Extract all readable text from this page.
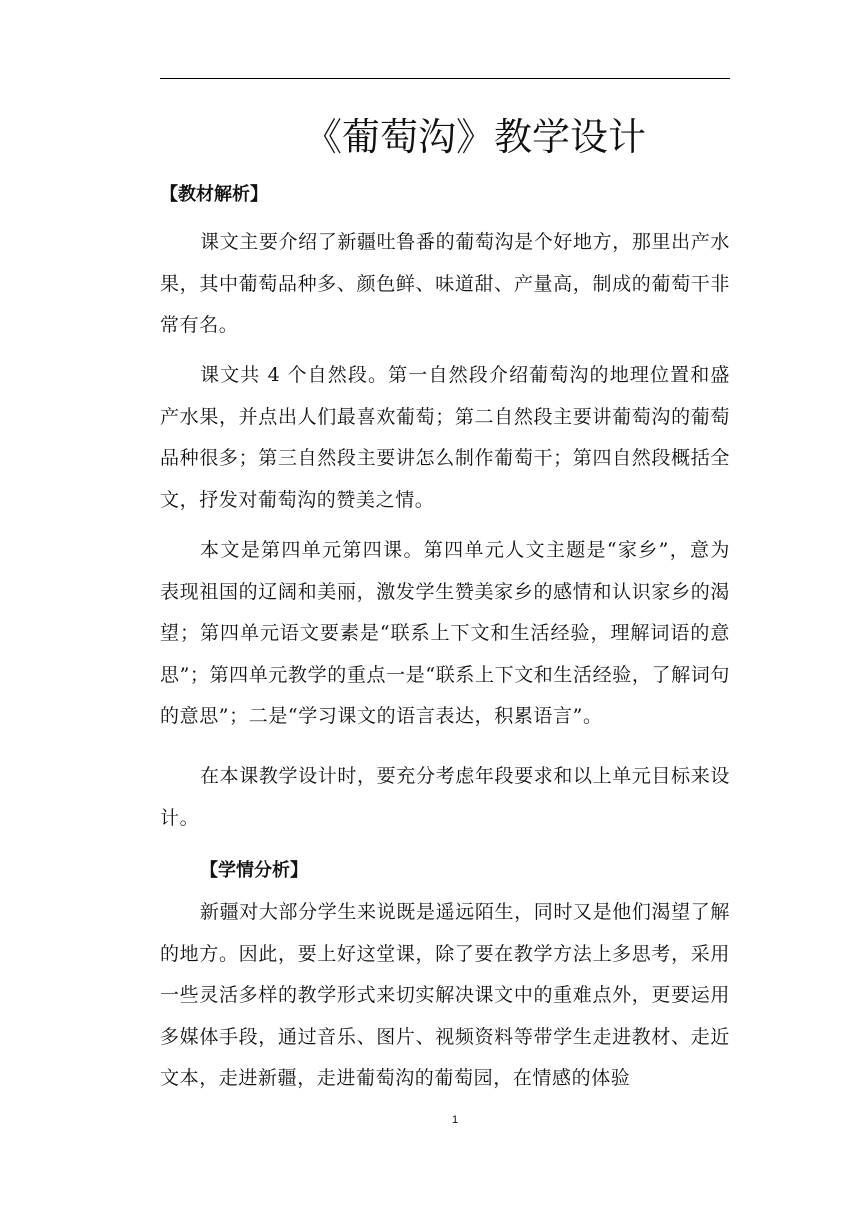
《葡萄沟》教学设计
【教材解析】

课文主要介绍了新疆吐鲁番的葡萄沟是个好地方，那里出产水果，其中葡萄品种多、颜色鲜、味道甜、产量高，制成的葡萄干非常有名。

课文共 4 个自然段。第一自然段介绍葡萄沟的地理位置和盛产水果，并点出人们最喜欢葡萄；第二自然段主要讲葡萄沟的葡萄品种很多；第三自然段主要讲怎么制作葡萄干；第四自然段概括全文，抒发对葡萄沟的赞美之情。

本文是第四单元第四课。第四单元人文主题是“家乡”，意为表现祖国的辽阔和美丽，激发学生赞美家乡的感情和认识家乡的渴望；第四单元语文要素是“联系上下文和生活经验，理解词语的意思”；第四单元教学的重点一是“联系上下文和生活经验，了解词句的意思”；二是“学习课文的语言表达，积累语言”。

在本课教学设计时，要充分考虑年段要求和以上单元目标来设计。

【学情分析】

新疆对大部分学生来说既是遥远陌生，同时又是他们渴望了解的地方。因此，要上好这堂课，除了要在教学方法上多思考，采用一些灵活多样的教学形式来切实解决课文中的重难点外，更要运用多媒体手段，通过音乐、图片、视频资料等带学生走进教材、走近文本，走进新疆，走进葡萄沟的葡萄园，在情感的体验

1
